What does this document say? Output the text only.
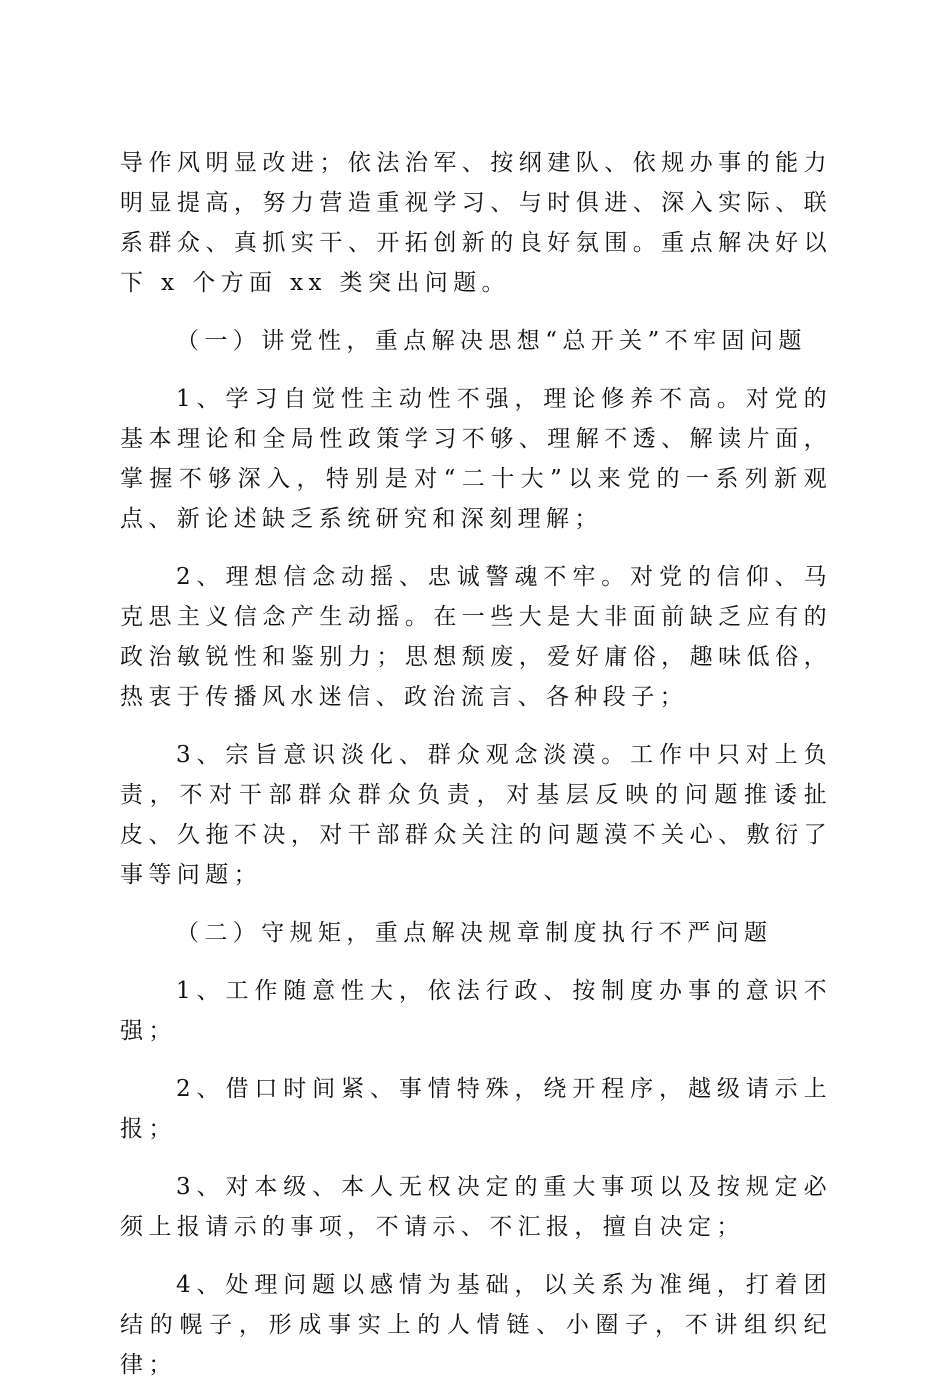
导作风明显改进；依法治军、按纲建队、依规办事的能力明显提高，努力营造重视学习、与时俱进、深入实际、联系群众、真抓实干、开拓创新的良好氛围。重点解决好以下 x 个方面 xx 类突出问题。

（一）讲党性，重点解决思想“总开关”不牢固问题

1、学习自觉性主动性不强，理论修养不高。对党的基本理论和全局性政策学习不够、理解不透、解读片面，掌握不够深入，特别是对“二十大”以来党的一系列新观点、新论述缺乏系统研究和深刻理解；

2、理想信念动摇、忠诚警魂不牢。对党的信仰、马克思主义信念产生动摇。在一些大是大非面前缺乏应有的政治敏锐性和鉴别力；思想颓废，爱好庸俗，趣味低俗，热衷于传播风水迷信、政治流言、各种段子；

3、宗旨意识淡化、群众观念淡漠。工作中只对上负责，不对干部群众群众负责，对基层反映的问题推诿扯皮、久拖不决，对干部群众关注的问题漠不关心、敷衍了事等问题；

（二）守规矩，重点解决规章制度执行不严问题

1、工作随意性大，依法行政、按制度办事的意识不强；

2、借口时间紧、事情特殊，绕开程序，越级请示上报；

3、对本级、本人无权决定的重大事项以及按规定必须上报请示的事项，不请示、不汇报，擅自决定；

4、处理问题以感情为基础，以关系为准绳，打着团结的幌子，形成事实上的人情链、小圈子，不讲组织纪律；
